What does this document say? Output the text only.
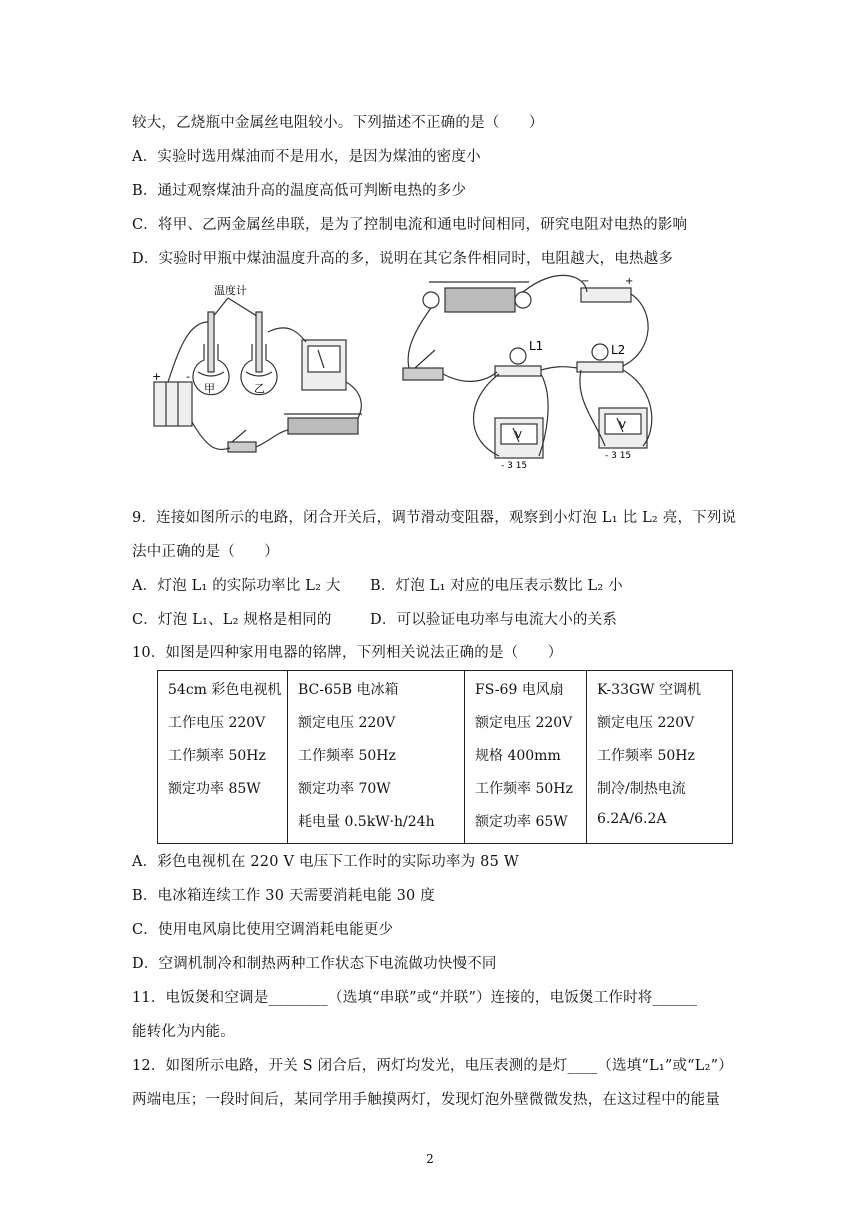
较大，乙烧瓶中金属丝电阻较小。下列描述不正确的是（　　）
A．实验时选用煤油而不是用水，是因为煤油的密度小
B．通过观察煤油升高的温度高低可判断电热的多少
C．将甲、乙两金属丝串联，是为了控制电流和通电时间相同，研究电阻对电热的影响
D．实验时甲瓶中煤油温度升高的多，说明在其它条件相同时，电阻越大，电热越多
温度计
甲	乙
+ -
L1	L2
V
V
−	+
- 3 15
- 3 15
9．连接如图所示的电路，闭合开关后，调节滑动变阻器，观察到小灯泡 L₁ 比 L₂ 亮，下列说
法中正确的是（　　）
A．灯泡 L₁ 的实际功率比 L₂ 大 B．灯泡 L₁ 对应的电压表示数比 L₂ 小
C．灯泡 L₁、L₂ 规格是相同的	D．可以验证电功率与电流大小的关系
10．如图是四种家用电器的铭牌，下列相关说法正确的是（　　）
54cm 彩色电视机
工作电压 220V
工作频率 50Hz
额定功率 85W
BC-65B 电冰箱
额定电压 220V
工作频率 50Hz
额定功率 70W
耗电量 0.5kW·h/24h
FS-69 电风扇
额定电压 220V
规格 400mm
工作频率 50Hz
额定功率 65W
K-33GW 空调机
额定电压 220V
工作频率 50Hz
制冷/制热电流
6.2A/6.2A
A．彩色电视机在 220 V 电压下工作时的实际功率为 85 W
B．电冰箱连续工作 30 天需要消耗电能 30 度
C．使用电风扇比使用空调消耗电能更少
D．空调机制冷和制热两种工作状态下电流做功快慢不同
11．电饭煲和空调是________（选填“串联”或“并联”）连接的，电饭煲工作时将______
能转化为内能。
12．如图所示电路，开关 S 闭合后，两灯均发光，电压表测的是灯____（选填“L₁”或“L₂”）
两端电压；一段时间后，某同学用手触摸两灯，发现灯泡外壁微微发热，在这过程中的能量
2
